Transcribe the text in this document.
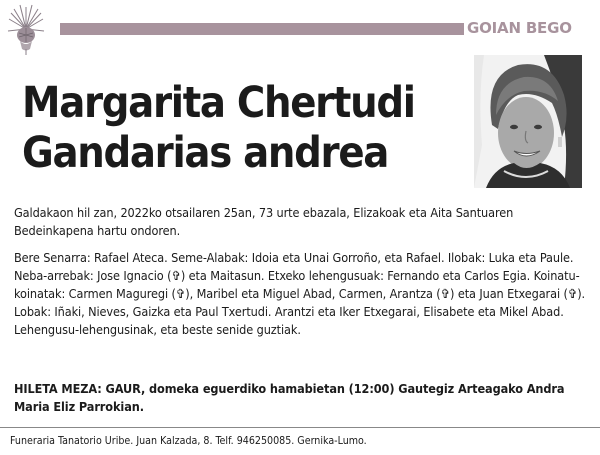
GOIAN BEGO
Margarita Chertudi
Gandarias andrea
Galdakaon hil zan, 2022ko otsailaren 25an, 73 urte ebazala, Elizakoak eta Aita Santuaren Bedeinkapena hartu ondoren.
Bere Senarra: Rafael Ateca. Seme-Alabak: Idoia eta Unai Gorroño, eta Rafael. Ilobak: Luka eta Paule. Neba-arrebak: Jose Ignacio (✞) eta Maitasun. Etxeko lehengusuak: Fernando eta Carlos Egia. Koinatu-koinatak: Carmen Maguregi (✞), Maribel eta Miguel Abad, Carmen, Arantza (✞) eta Juan Etxegarai (✞). Lobak: Iñaki, Nieves, Gaizka eta Paul Txertudi. Arantzi eta Iker Etxegarai, Elisabete eta Mikel Abad. Lehengusu-lehengusinak, eta beste senide guztiak.
HILETA MEZA: GAUR, domeka eguerdiko hamabietan (12:00) Gautegiz Arteagako Andra Maria Eliz Parrokian.
Funeraria Tanatorio Uribe. Juan Kalzada, 8. Telf. 946250085. Gernika-Lumo.
